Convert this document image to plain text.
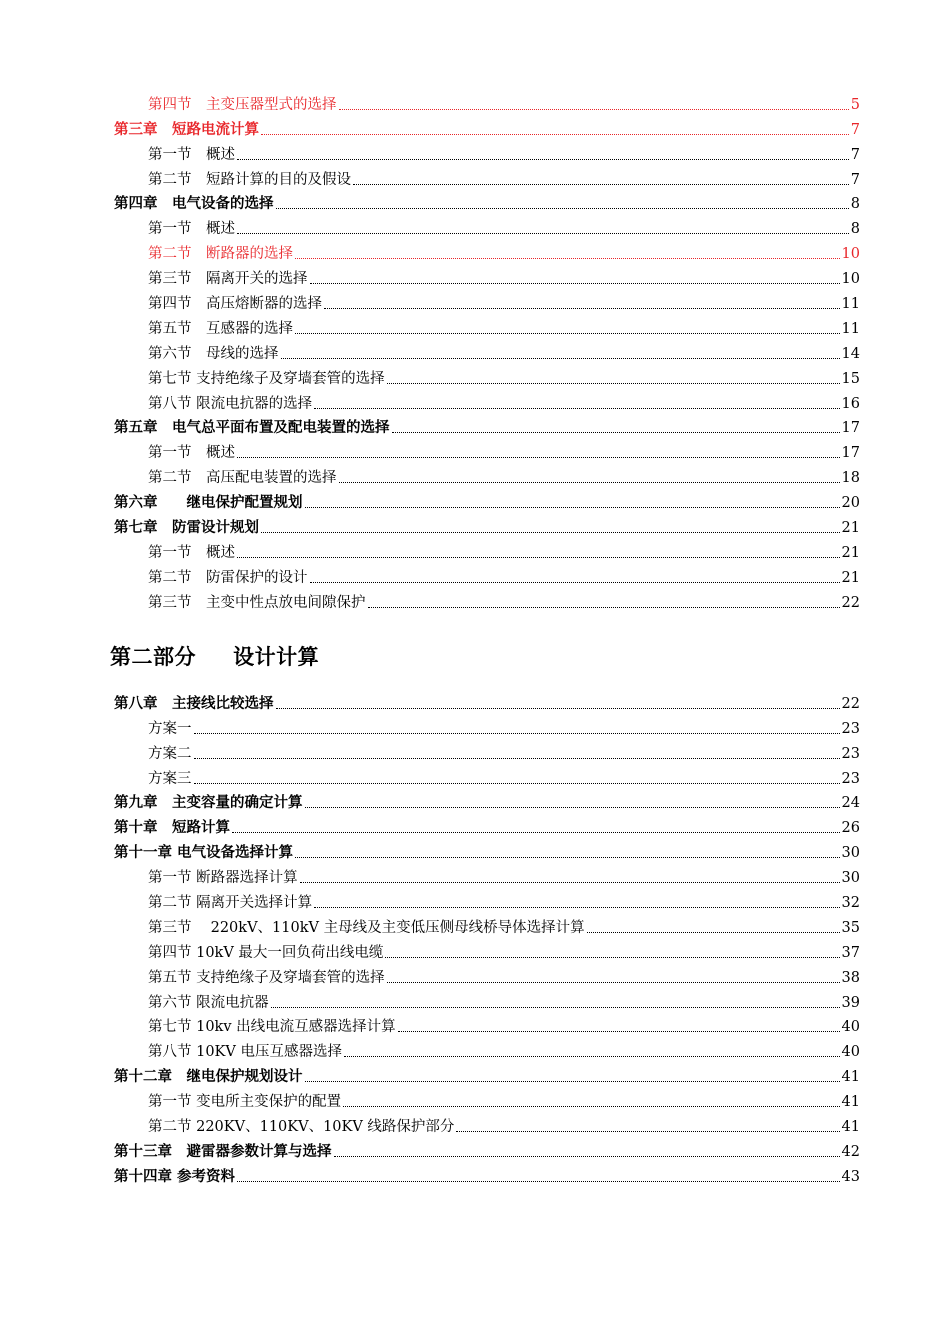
第四节　主变压器型式的选择	5
第三章　短路电流计算	7
第一节　概述	7
第二节　短路计算的目的及假设	7
第四章　电气设备的选择	8
第一节　概述	8
第二节　断路器的选择	10
第三节　隔离开关的选择	10
第四节　高压熔断器的选择	11
第五节　互感器的选择	11
第六节　母线的选择	14
第七节 支持绝缘子及穿墙套管的选择	15
第八节 限流电抗器的选择	16
第五章　电气总平面布置及配电装置的选择	17
第一节　概述	17
第二节　高压配电装置的选择	18
第六章　　继电保护配置规划	20
第七章　防雷设计规划	21
第一节　概述	21
第二节　防雷保护的设计	21
第三节　主变中性点放电间隙保护	22
第二部分　  设计计算
第八章　主接线比较选择	22
方案一	23
方案二	23
方案三	23
第九章　主变容量的确定计算	24
第十章　短路计算	26
第十一章 电气设备选择计算	30
第一节 断路器选择计算	30
第二节 隔离开关选择计算	32
第三节　 220kV、110kV 主母线及主变低压侧母线桥导体选择计算	35
第四节 10kV 最大一回负荷出线电缆	37
第五节 支持绝缘子及穿墙套管的选择	38
第六节 限流电抗器	39
第七节 10kv 出线电流互感器选择计算	40
第八节 10KV 电压互感器选择	40
第十二章　继电保护规划设计	41
第一节 变电所主变保护的配置	41
第二节 220KV、110KV、10KV 线路保护部分	41
第十三章　避雷器参数计算与选择	42
第十四章 参考资料	43
